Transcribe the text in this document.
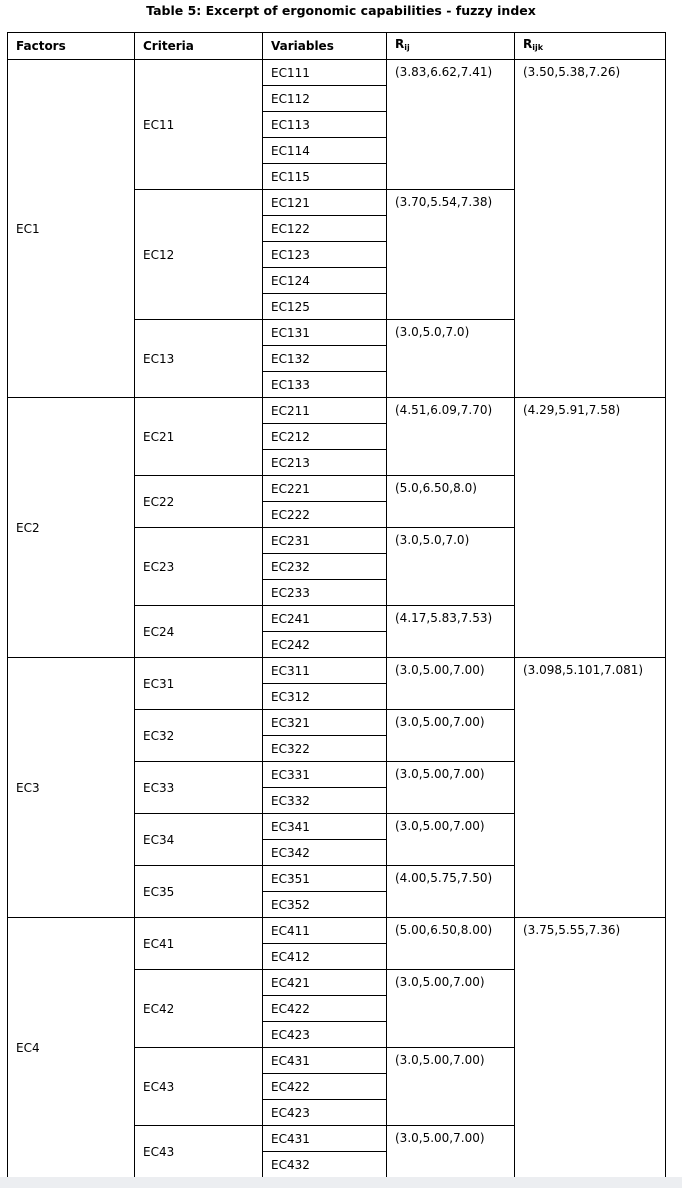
Table 5: Excerpt of ergonomic capabilities - fuzzy index
Factors	Criteria	Variables	$R_{ij}$	$R_{ijk}$
EC1	EC11	EC111	(3.83,6.62,7.41)	(3.50,5.38,7.26)
		EC112		
		EC113		
		EC114		
		EC115		
	EC12	EC121	(3.70,5.54,7.38)	
		EC122		
		EC123		
		EC124		
		EC125		
	EC13	EC131	(3.0,5.0,7.0)	
		EC132		
		EC133		
EC2	EC21	EC211	(4.51,6.09,7.70)	(4.29,5.91,7.58)
		EC212		
		EC213		
	EC22	EC221	(5.0,6.50,8.0)	
		EC222		
	EC23	EC231	(3.0,5.0,7.0)	
		EC232		
		EC233		
	EC24	EC241	(4.17,5.83,7.53)	
		EC242		
EC3	EC31	EC311	(3.0,5.00,7.00)	(3.098,5.101,7.081)
		EC312		
	EC32	EC321	(3.0,5.00,7.00)	
		EC322		
	EC33	EC331	(3.0,5.00,7.00)	
		EC332		
	EC34	EC341	(3.0,5.00,7.00)	
		EC342		
	EC35	EC351	(4.00,5.75,7.50)	
		EC352		
EC4	EC41	EC411	(5.00,6.50,8.00)	(3.75,5.55,7.36)
		EC412		
	EC42	EC421	(3.0,5.00,7.00)	
		EC422		
		EC423		
	EC43	EC431	(3.0,5.00,7.00)	
		EC422		
		EC423		
	EC43	EC431	(3.0,5.00,7.00)	
		EC432		
